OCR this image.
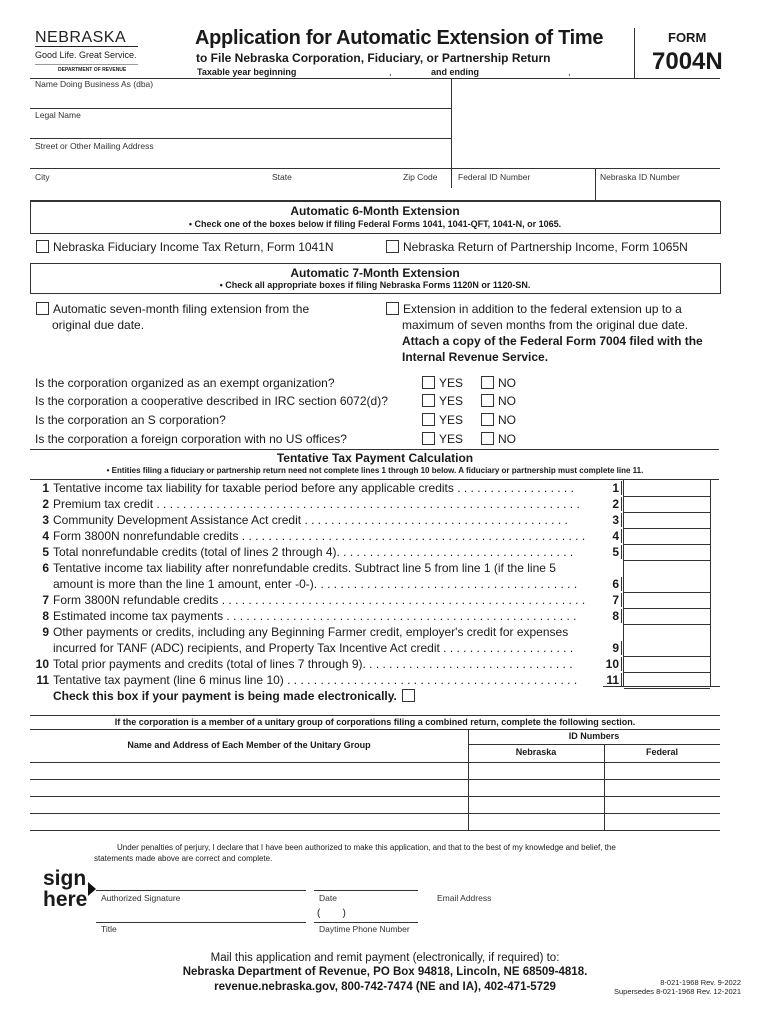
NEBRASKA
Good Life. Great Service.
DEPARTMENT OF REVENUE
Application for Automatic Extension of Time
to File Nebraska Corporation, Fiduciary, or Partnership Return
Taxable year beginning	,	and ending	,
FORM
7004N
Name Doing Business As (dba)
Legal Name
Street or Other Mailing Address
City	State	Zip Code Federal ID Number	Nebraska ID Number
Automatic 6-Month Extension
• Check one of the boxes below if filing Federal Forms 1041, 1041-QFT, 1041-N, or 1065.
Nebraska Fiduciary Income Tax Return, Form 1041N	Nebraska Return of Partnership Income, Form 1065N
Automatic 7-Month Extension
• Check all appropriate boxes if filing Nebraska Forms 1120N or 1120-SN.
Automatic seven-month filing extension from the
original due date.
Extension in addition to the federal extension up to a
maximum of seven months from the original due date.
Attach a copy of the Federal Form 7004 filed with the
Internal Revenue Service.
Is the corporation organized as an exempt organization?	YES	NO
Is the corporation a cooperative described in IRC section 6072(d)?	YES	NO
Is the corporation an S corporation?	YES	NO
Is the corporation a foreign corporation with no US offices?	YES	NO
Tentative Tax Payment Calculation
• Entities filing a fiduciary or partnership return need not complete lines 1 through 10 below. A fiduciary or partnership must complete line 11.
1 Tentative income tax liability for taxable period before any applicable credits . . . . . . . . . . . . . . . . . .	1
2 Premium tax credit . . . . . . . . . . . . . . . . . . . . . . . . . . . . . . . . . . . . . . . . . . . . . . . . . . . . . . . . . . . . . . . .	2
3 Community Development Assistance Act credit . . . . . . . . . . . . . . . . . . . . . . . . . . . . . . . . . . . . . . . .	3
4 Form 3800N nonrefundable credits . . . . . . . . . . . . . . . . . . . . . . . . . . . . . . . . . . . . . . . . . . . . . . . . . . . .	4
5 Total nonrefundable credits (total of lines 2 through 4). . . . . . . . . . . . . . . . . . . . . . . . . . . . . . . . . . . .	5
6 Tentative income tax liability after nonrefundable credits. Subtract line 5 from line 1 (if the line 5
amount is more than the line 1 amount, enter -0-). . . . . . . . . . . . . . . . . . . . . . . . . . . . . . . . . . . . . . . .	6
7 Form 3800N refundable credits . . . . . . . . . . . . . . . . . . . . . . . . . . . . . . . . . . . . . . . . . . . . . . . . . . . . . . .	7
8 Estimated income tax payments . . . . . . . . . . . . . . . . . . . . . . . . . . . . . . . . . . . . . . . . . . . . . . . . . . . . .	8
9 Other payments or credits, including any Beginning Farmer credit, employer's credit for expenses
incurred for TANF (ADC) recipients, and Property Tax Incentive Act credit . . . . . . . . . . . . . . . . . . . .	9
10 Total prior payments and credits (total of lines 7 through 9). . . . . . . . . . . . . . . . . . . . . . . . . . . . . . . .	10
11 Tentative tax payment (line 6 minus line 10) . . . . . . . . . . . . . . . . . . . . . . . . . . . . . . . . . . . . . . . . . . . .	11
Check this box if your payment is being made electronically.
If the corporation is a member of a unitary group of corporations filing a combined return, complete the following section.
Name and Address of Each Member of the Unitary Group
ID Numbers
Nebraska	Federal
Under penalties of perjury, I declare that I have been authorized to make this application, and that to the best of my knowledge and belief, the
statements made above are correct and complete.
sign
here Authorized Signature	Date	Email Address
Title
(        )
Daytime Phone Number
Mail this application and remit payment (electronically, if required) to:
Nebraska Department of Revenue, PO Box 94818, Lincoln, NE 68509-4818.
revenue.nebraska.gov, 800-742-7474 (NE and IA), 402-471-5729	8-021-1968 Rev. 9-2022
Supersedes 8-021-1968 Rev. 12-2021
